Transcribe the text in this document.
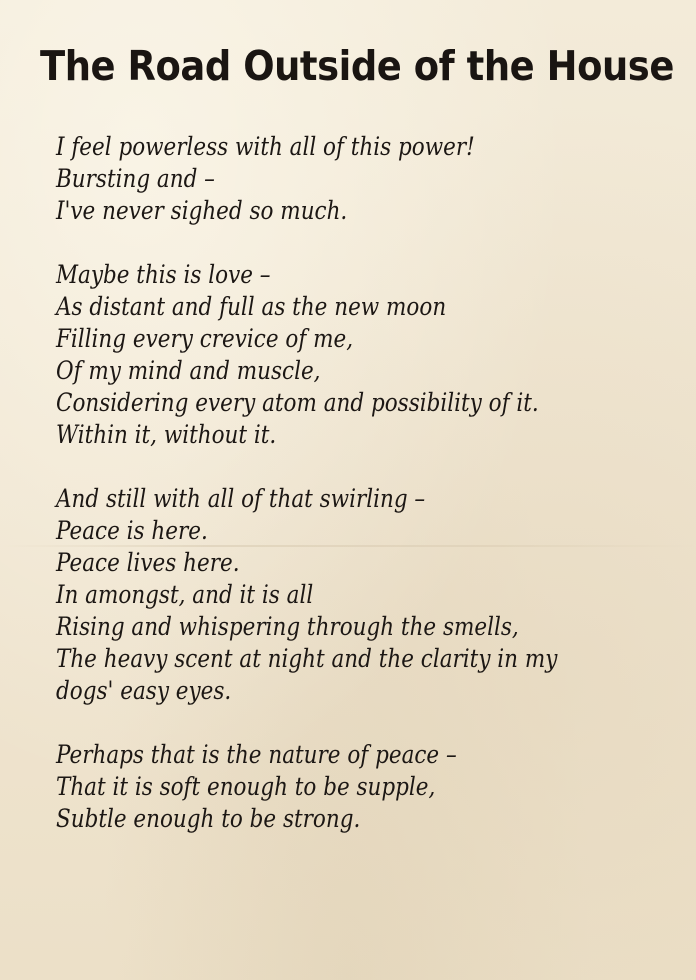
The Road Outside of the House
I feel powerless with all of this power!
Bursting and –
I've never sighed so much.
Maybe this is love –
As distant and full as the new moon
Filling every crevice of me,
Of my mind and muscle,
Considering every atom and possibility of it.
Within it, without it.
And still with all of that swirling –
Peace is here.
Peace lives here.
In amongst, and it is all
Rising and whispering through the smells,
The heavy scent at night and the clarity in my
dogs' easy eyes.
Perhaps that is the nature of peace –
That it is soft enough to be supple,
Subtle enough to be strong.
